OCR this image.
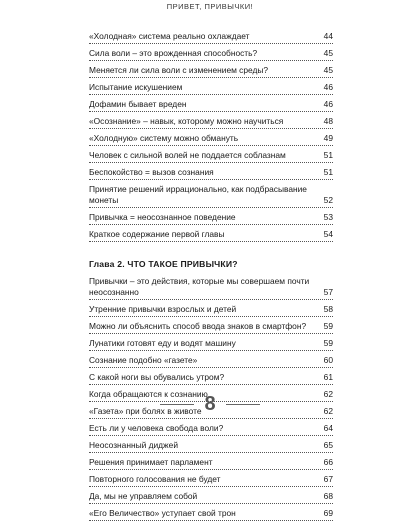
ПРИВЕТ, ПРИВЫЧКИ!
«Холодная» система реально охлаждает	44
Сила воли – это врожденная способность?	45
Меняется ли сила воли с изменением среды?	45
Испытание искушением	46
Дофамин бывает вреден	46
«Осознание» – навык, которому можно научиться	48
«Холодную» систему можно обмануть	49
Человек с сильной волей не поддается соблазнам	51
Беспокойство = вызов сознания	51
Принятие решений иррационально, как подбрасывание монеты	52
Привычка = неосознанное поведение	53
Краткое содержание первой главы	54
Глава 2. ЧТО ТАКОЕ ПРИВЫЧКИ?
Привычки – это действия, которые мы совершаем почти неосознанно	57
Утренние привычки взрослых и детей	58
Можно ли объяснить способ ввода знаков в смартфон?	59
Лунатики готовят еду и водят машину	59
Сознание подобно «газете»	60
С какой ноги вы обувались утром?	61
Когда обращаются к сознанию	62
«Газета» при болях в животе	62
Есть ли у человека свобода воли?	64
Неосознанный диджей	65
Решения принимает парламент	66
Повторного голосования не будет	67
Да, мы не управляем собой	68
«Его Величество» уступает свой трон	69
8
